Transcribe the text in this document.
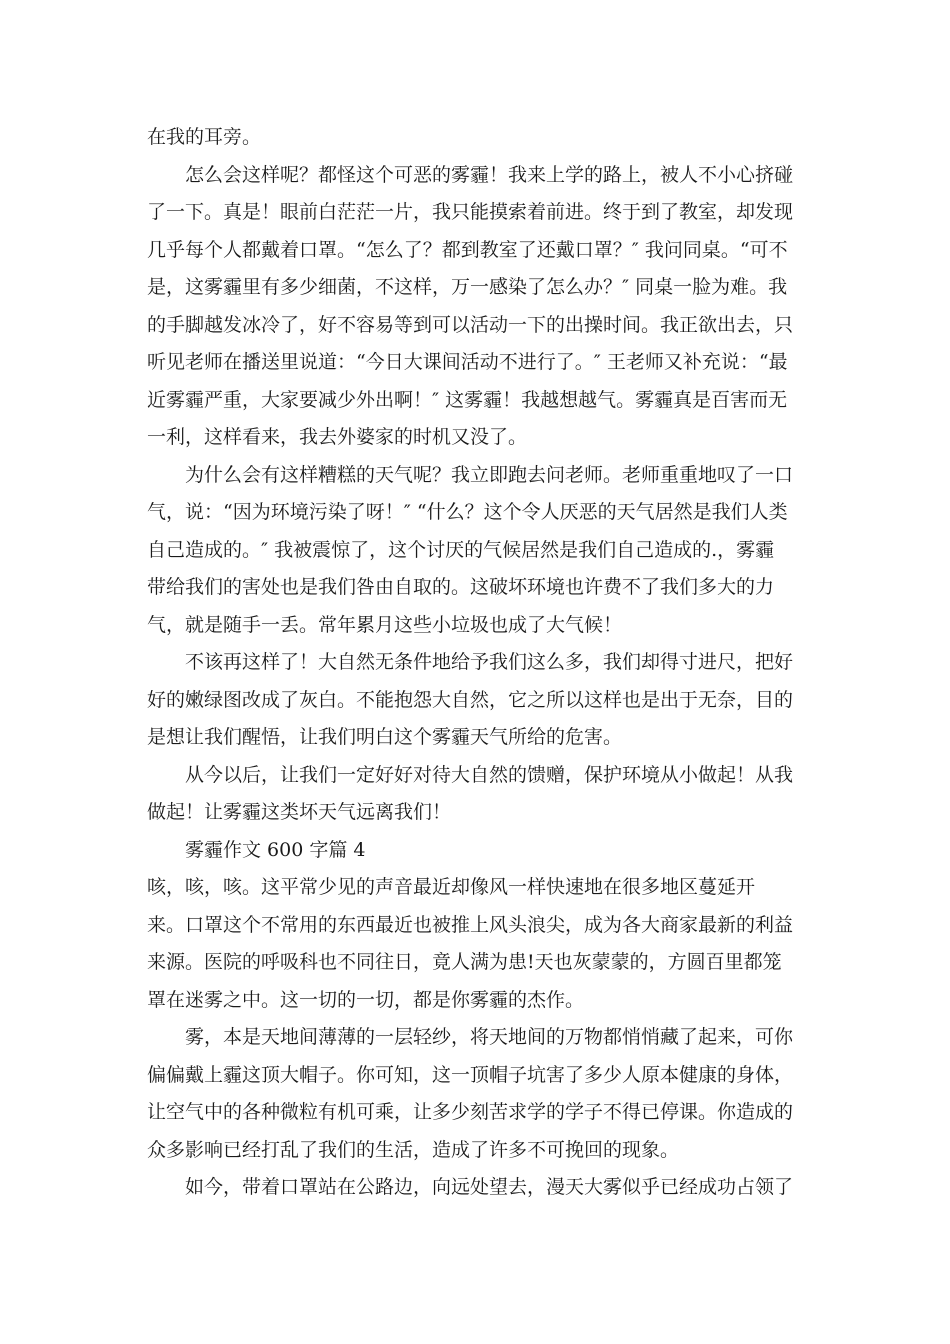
在我的耳旁。
怎么会这样呢？都怪这个可恶的雾霾！我来上学的路上，被人不小心挤碰
了一下。真是！眼前白茫茫一片，我只能摸索着前进。终于到了教室，却发现
几乎每个人都戴着口罩。“怎么了？都到教室了还戴口罩？″ 我问同桌。“可不
是，这雾霾里有多少细菌，不这样，万一感染了怎么办？″ 同桌一脸为难。我
的手脚越发冰冷了，好不容易等到可以活动一下的出操时间。我正欲出去，只
听见老师在播送里说道：“今日大课间活动不进行了。″ 王老师又补充说：“最
近雾霾严重，大家要减少外出啊！″ 这雾霾！我越想越气。雾霾真是百害而无
一利，这样看来，我去外婆家的时机又没了。
为什么会有这样糟糕的天气呢？我立即跑去问老师。老师重重地叹了一口
气，说：“因为环境污染了呀！″ “什么？这个令人厌恶的天气居然是我们人类
自己造成的。″ 我被震惊了，这个讨厌的气候居然是我们自己造成的.，雾霾
带给我们的害处也是我们咎由自取的。这破坏环境也许费不了我们多大的力
气，就是随手一丢。常年累月这些小垃圾也成了大气候！
不该再这样了！大自然无条件地给予我们这么多，我们却得寸进尺，把好
好的嫩绿图改成了灰白。不能抱怨大自然，它之所以这样也是出于无奈，目的
是想让我们醒悟，让我们明白这个雾霾天气所给的危害。
从今以后，让我们一定好好对待大自然的馈赠，保护环境从小做起！从我
做起！让雾霾这类坏天气远离我们！
雾霾作文 600 字篇 4
咳，咳，咳。这平常少见的声音最近却像风一样快速地在很多地区蔓延开
来。口罩这个不常用的东西最近也被推上风头浪尖，成为各大商家最新的利益
来源。医院的呼吸科也不同往日，竟人满为患!天也灰蒙蒙的，方圆百里都笼
罩在迷雾之中。这一切的一切，都是你雾霾的杰作。
雾，本是天地间薄薄的一层轻纱，将天地间的万物都悄悄藏了起来，可你
偏偏戴上霾这顶大帽子。你可知，这一顶帽子坑害了多少人原本健康的身体，
让空气中的各种微粒有机可乘，让多少刻苦求学的学子不得已停课。你造成的
众多影响已经打乱了我们的生活，造成了许多不可挽回的现象。
如今，带着口罩站在公路边，向远处望去，漫天大雾似乎已经成功占领了
